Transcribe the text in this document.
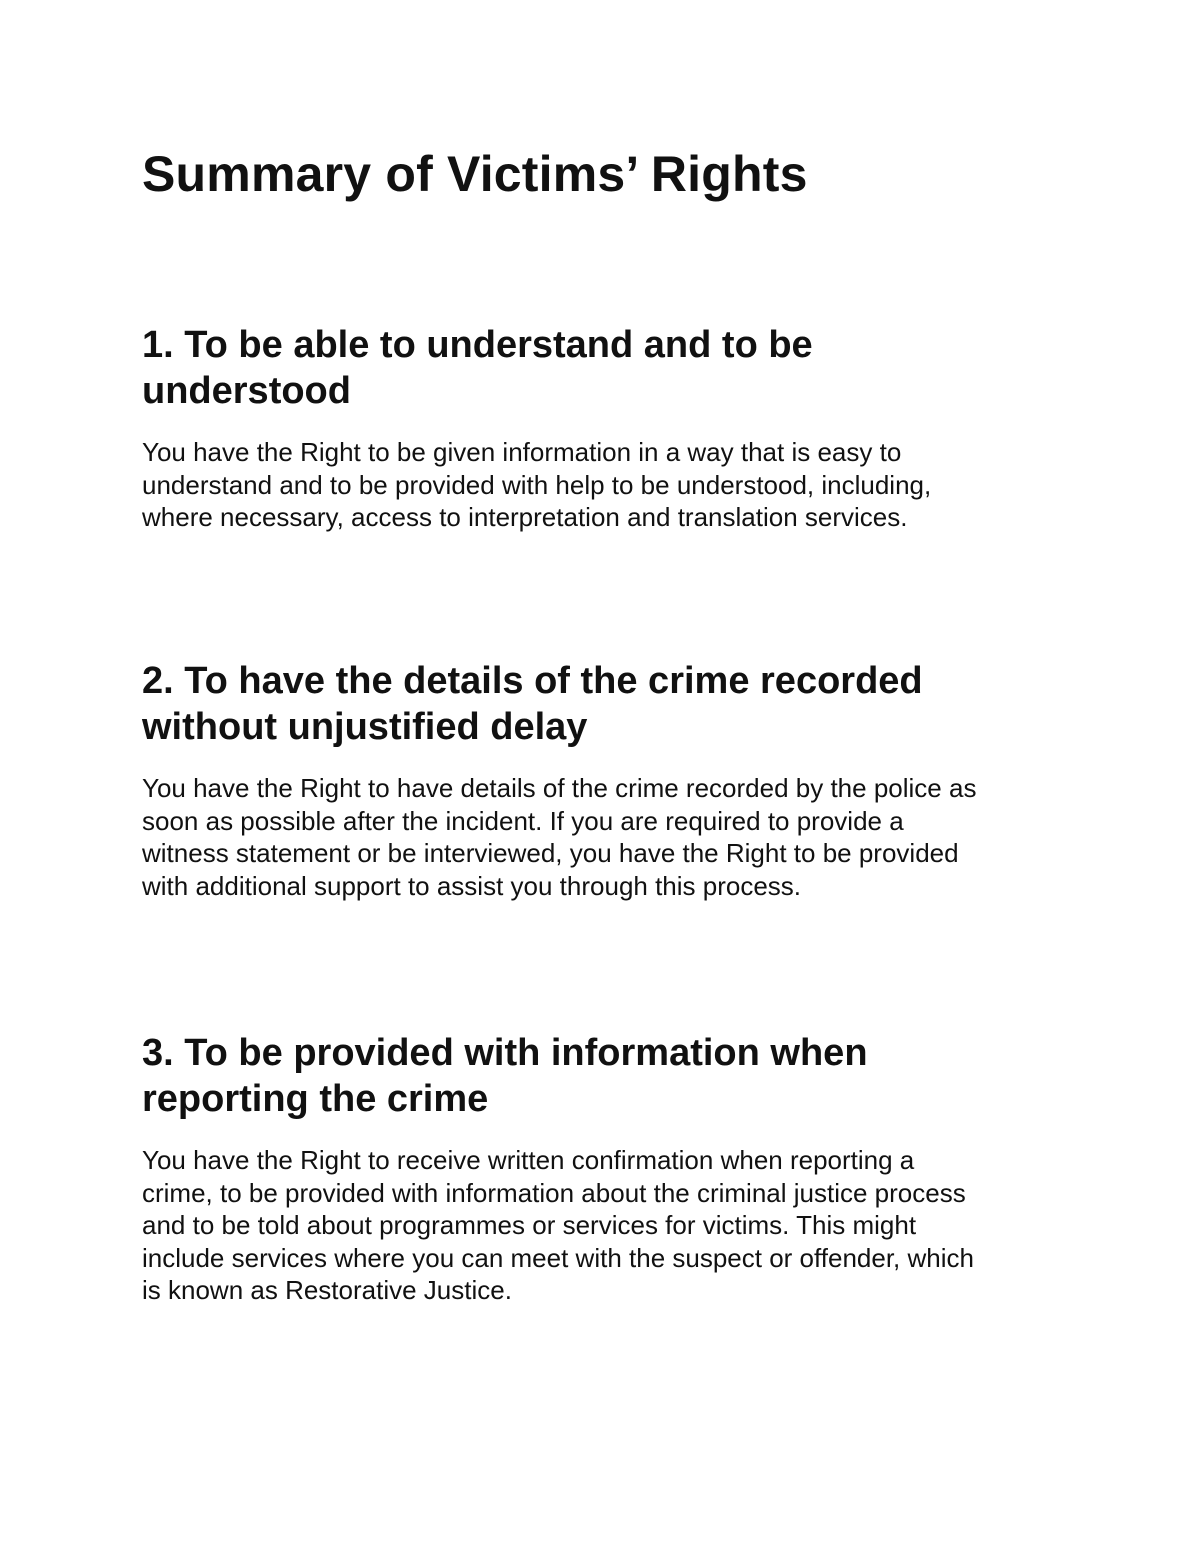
Summary of Victims’ Rights
1. To be able to understand and to be
understood

You have the Right to be given information in a way that is easy to
understand and to be provided with help to be understood, including,
where necessary, access to interpretation and translation services.

2. To have the details of the crime recorded
without unjustified delay

You have the Right to have details of the crime recorded by the police as
soon as possible after the incident. If you are required to provide a
witness statement or be interviewed, you have the Right to be provided
with additional support to assist you through this process.

3. To be provided with information when
reporting the crime

You have the Right to receive written confirmation when reporting a
crime, to be provided with information about the criminal justice process
and to be told about programmes or services for victims. This might
include services where you can meet with the suspect or offender, which
is known as Restorative Justice.
